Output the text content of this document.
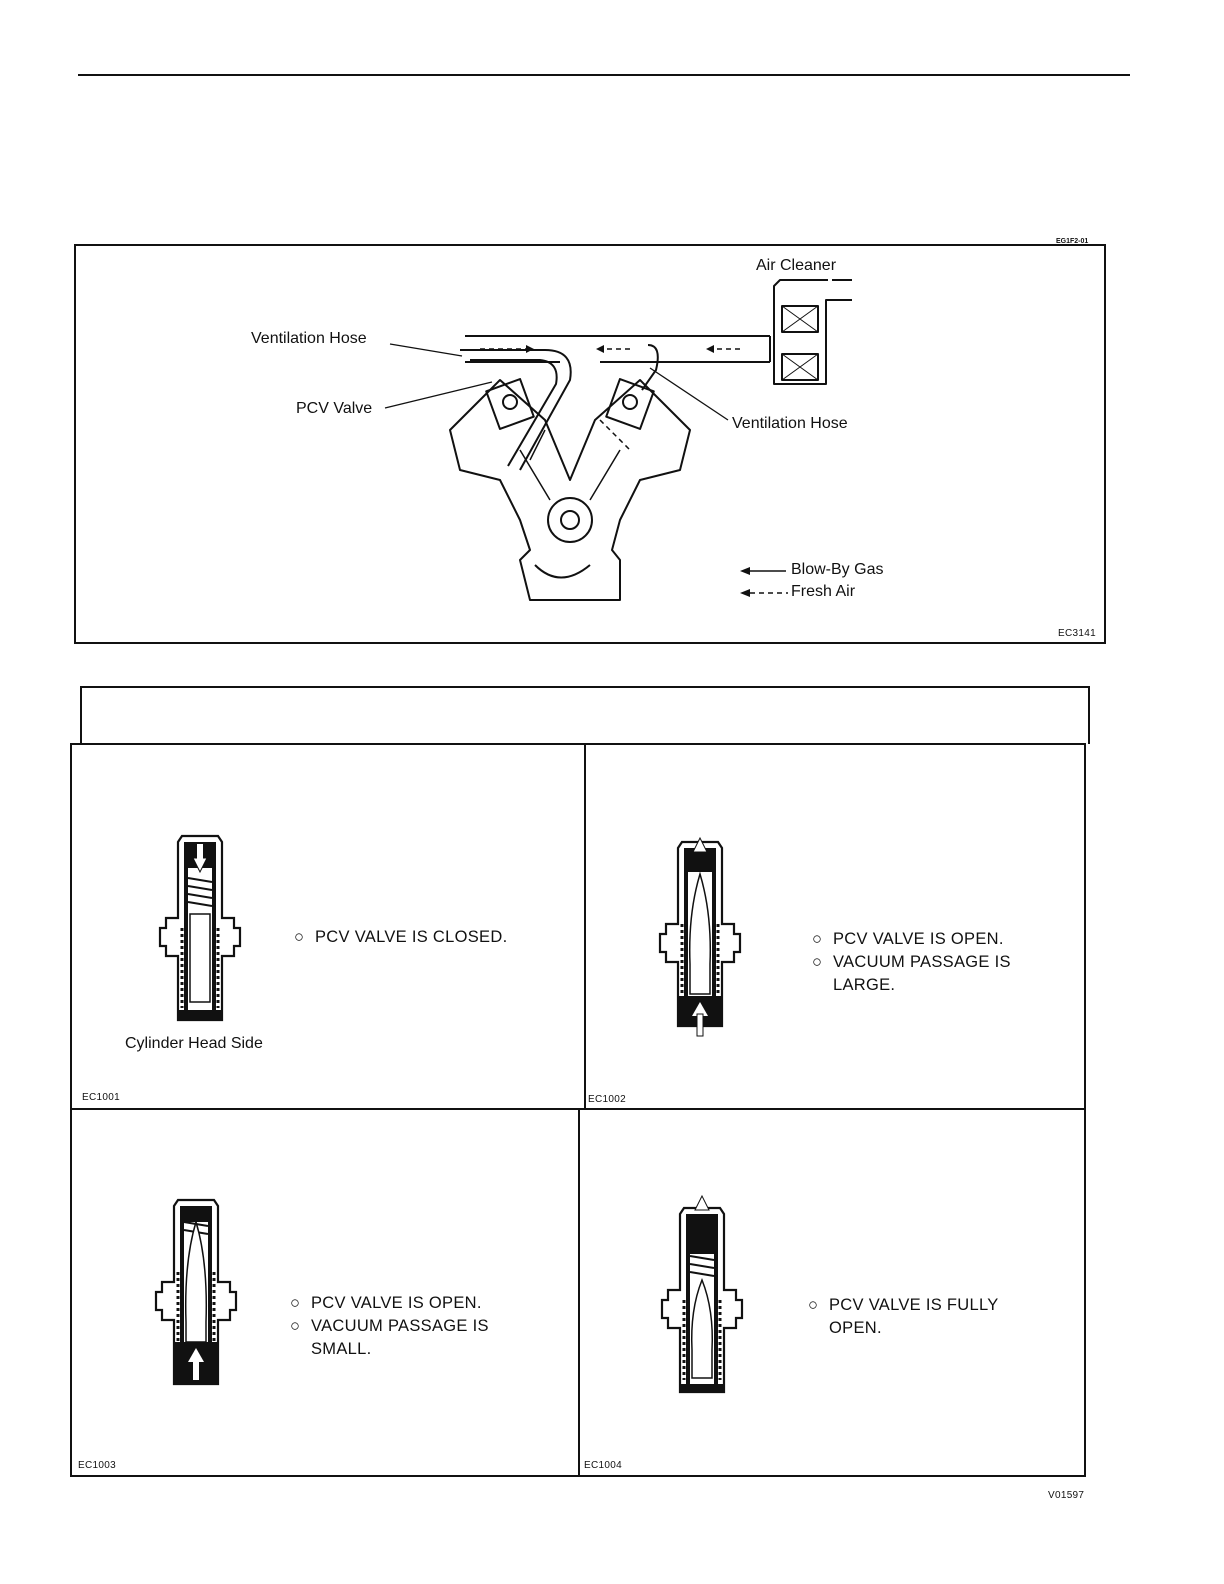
EG1F2-01
EC3141
Air Cleaner
Ventilation Hose
PCV Valve
Ventilation Hose
Blow-By Gas
Fresh Air
○ PCV VALVE IS CLOSED.
Cylinder Head Side
EC1001
○ PCV VALVE IS OPEN.
○ VACUUM PASSAGE IS
LARGE.
EC1002
○ PCV VALVE IS OPEN.
○ VACUUM PASSAGE IS
SMALL.
EC1003
○ PCV VALVE IS FULLY
OPEN.
EC1004
V01597
